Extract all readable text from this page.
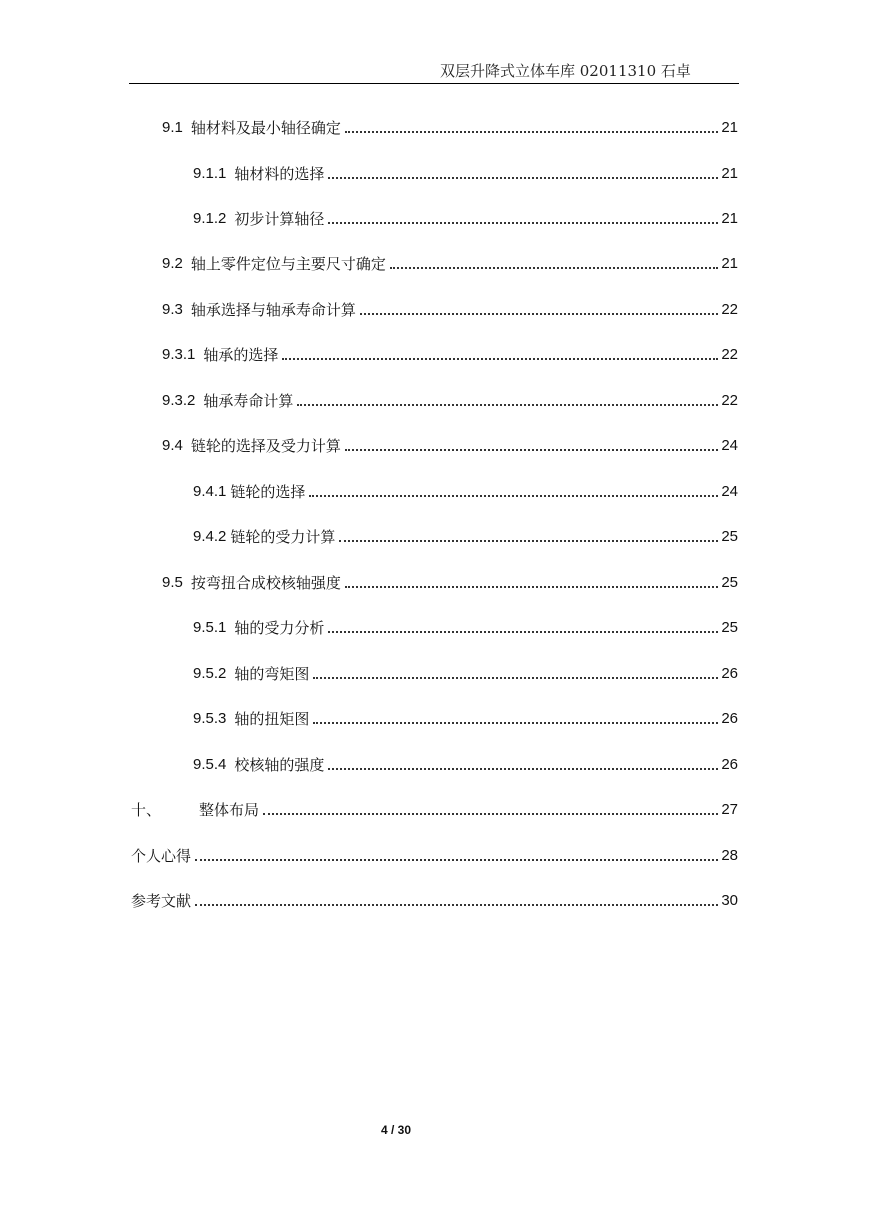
双层升降式立体车库 02011310 石卓
9.1 轴材料及最小轴径确定	21
9.1.1 轴材料的选择	21
9.1.2 初步计算轴径	21
9.2 轴上零件定位与主要尺寸确定	21
9.3 轴承选择与轴承寿命计算	22
9.3.1 轴承的选择	22
9.3.2 轴承寿命计算	22
9.4 链轮的选择及受力计算	24
9.4.1 链轮的选择	24
9.4.2 链轮的受力计算	25
9.5 按弯扭合成校核轴强度	25
9.5.1 轴的受力分析	25
9.5.2 轴的弯矩图	26
9.5.3 轴的扭矩图	26
9.5.4 校核轴的强度	26
十、	整体布局	27
个人心得	28
参考文献	30
4 / 30
